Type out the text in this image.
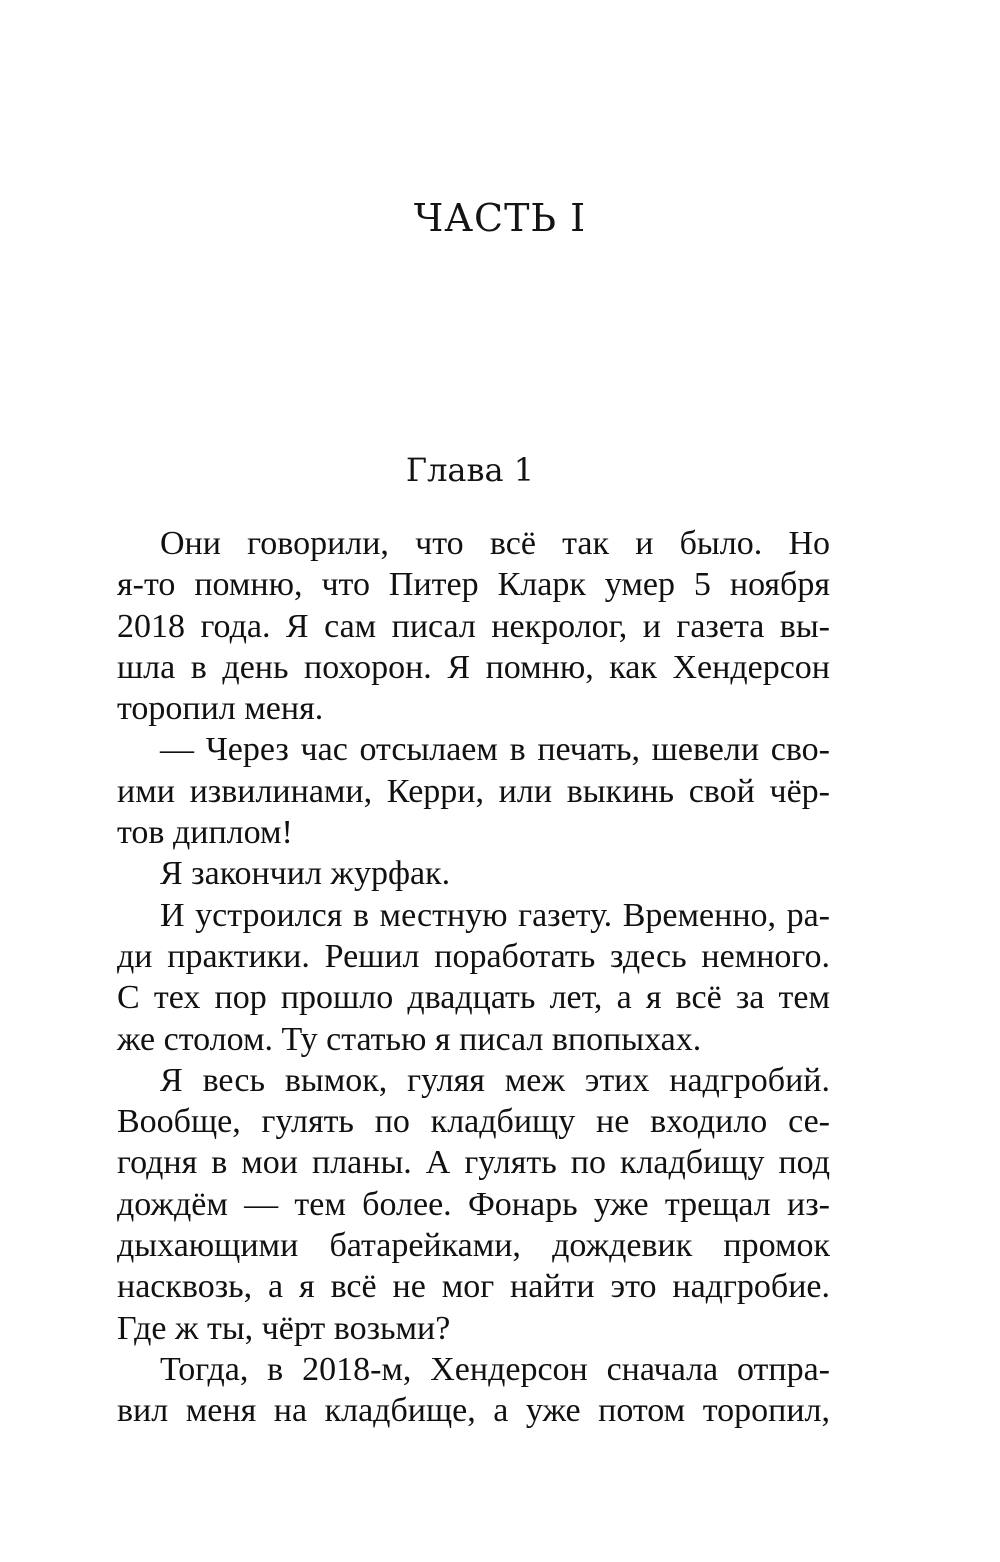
ЧАСТЬ I
Глава 1
Они говорили, что всё так и было. Но
я-то помню, что Питер Кларк умер 5 ноября
2018 года. Я сам писал некролог, и газета вы-
шла в день похорон. Я помню, как Хендерсон
торопил меня.
— Через час отсылаем в печать, шевели сво-
ими извилинами, Керри, или выкинь свой чёр-
тов диплом!
Я закончил журфак.
И устроился в местную газету. Временно, ра-
ди практики. Решил поработать здесь немного.
С тех пор прошло двадцать лет, а я всё за тем
же столом. Ту статью я писал впопыхах.
Я весь вымок, гуляя меж этих надгробий.
Вообще, гулять по кладбищу не входило се-
годня в мои планы. А гулять по кладбищу под
дождём — тем более. Фонарь уже трещал из-
дыхающими батарейками, дождевик промок
насквозь, а я всё не мог найти это надгробие.
Где ж ты, чёрт возьми?
Тогда, в 2018-м, Хендерсон сначала отпра-
вил меня на кладбище, а уже потом торопил,
